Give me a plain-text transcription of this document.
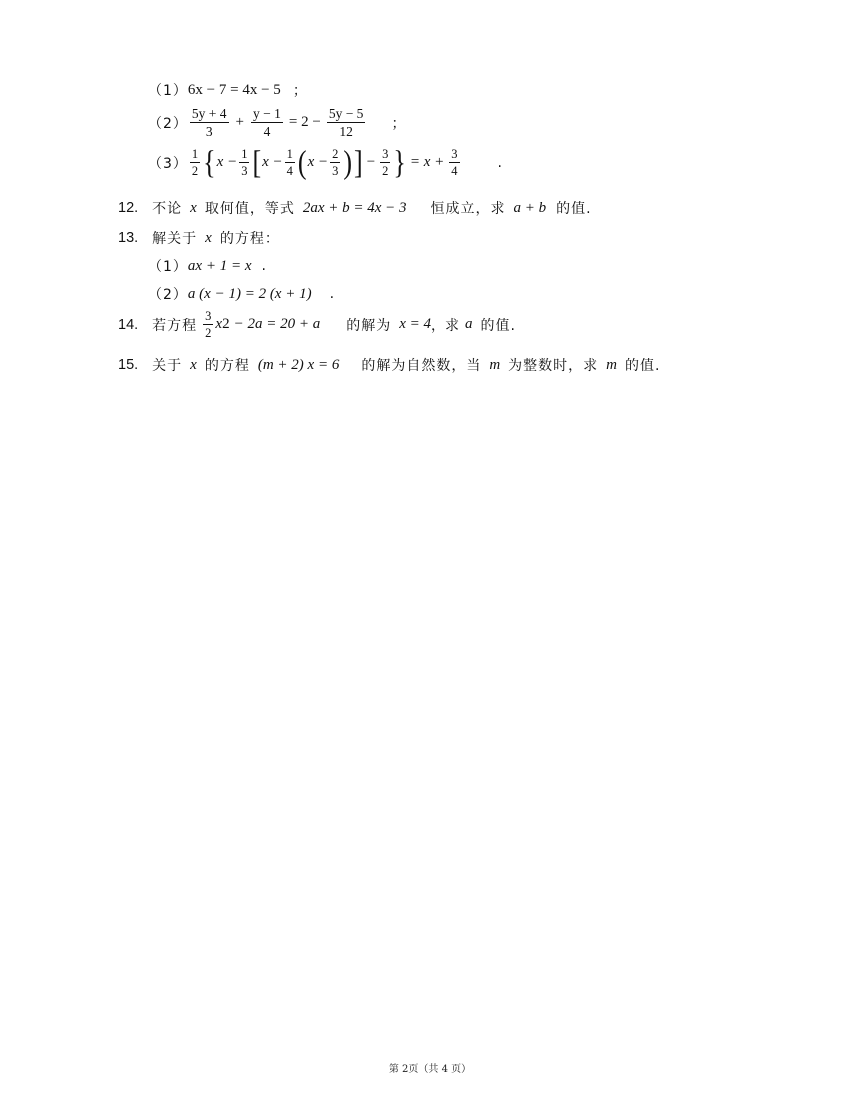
（1） 6x − 7 = 4x − 5 ；
$(2) \frac{5y + 4}{3} + \frac{y - 1}{4} = 2 - \frac{5y - 5}{12}$ ；
$(3) \frac{1}{2}$ { $x - \frac{1}{3}$ [ $x - \frac{1}{4}$ ( $x - \frac{2}{3}$ ) ] − $\frac{3}{2}$ } = $x + \frac{3}{4}$	.
12. 不论 x 取何值，等式 2ax + b = 4x − 3 恒成立，求 a + b 的值.
13. 解关于 x 的方程：
（1） ax + 1 = x .
（2） a (x − 1) = 2 (x + 1) .
14. 若方程 $\frac{3}{2}$ x 2 − 2a = 20 + a 的解为 x = 4 ，求 a 的值.
15. 关于 x 的方程 (m + 2) x = 6 的解为自然数，当 m 为整数时，求 m 的值.
第 2页（共 4 页）
